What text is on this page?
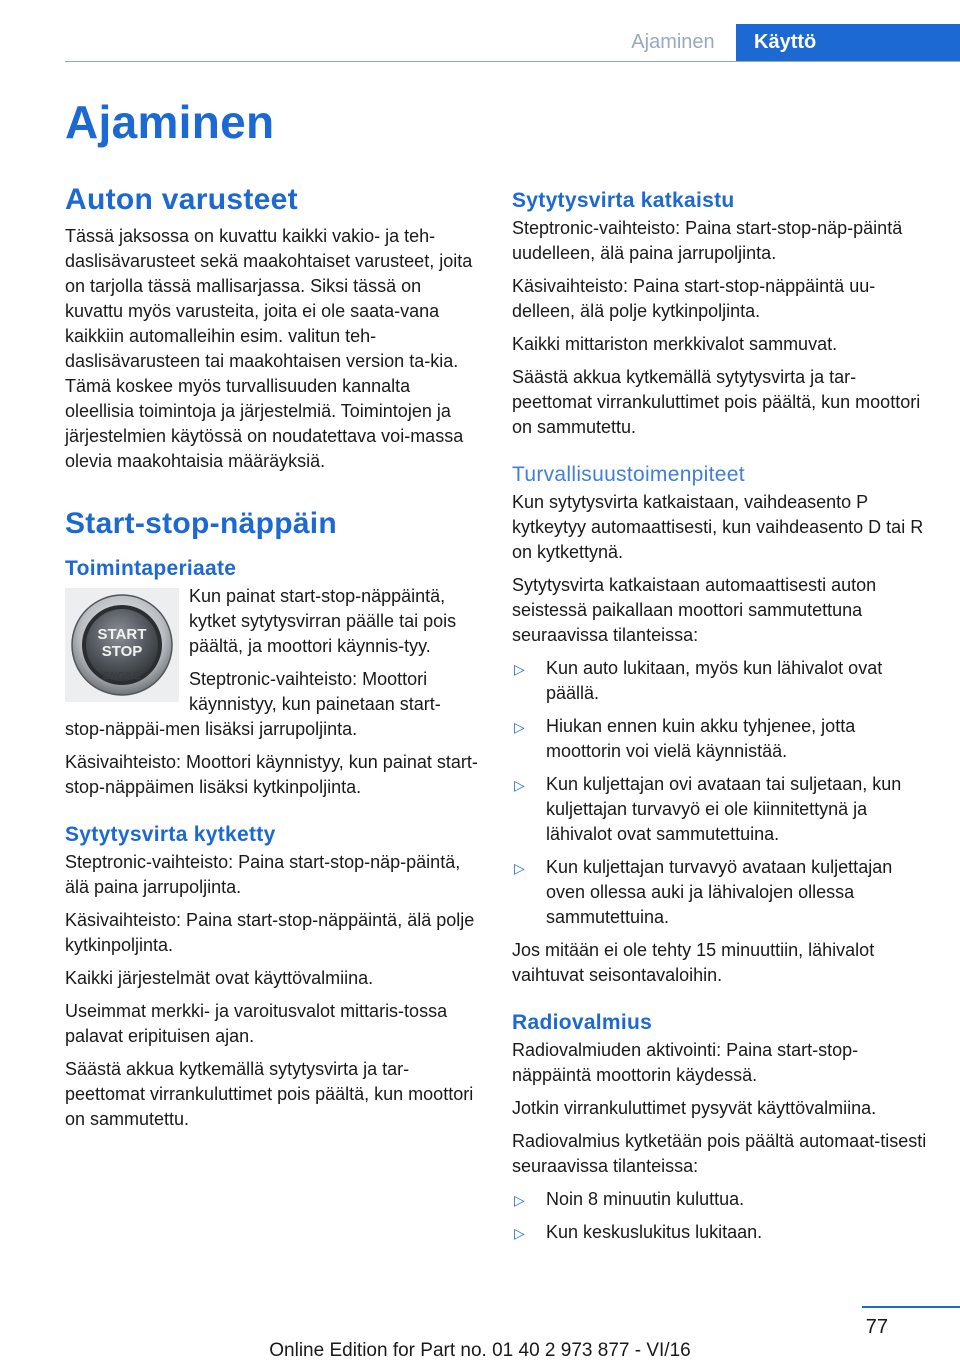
Ajaminen	Käyttö
Ajaminen
Auton varusteet

Tässä jaksossa on kuvattu kaikki vakio- ja teh-daslisävarusteet sekä maakohtaiset varusteet, joita on tarjolla tässä mallisarjassa. Siksi tässä on kuvattu myös varusteita, joita ei ole saata-vana kaikkiin automalleihin esim. valitun teh-daslisävarusteen tai maakohtaisen version ta-kia. Tämä koskee myös turvallisuuden kannalta oleellisia toimintoja ja järjestelmiä. Toimintojen ja järjestelmien käytössä on noudatettava voi-massa olevia maakohtaisia määräyksiä.

Start-stop-näppäin
Toimintaperiaate
START
STOP
ENGINE

Kun painat start-stop-näppäintä, kytket sytytysvirran päälle tai pois päältä, ja moottori käynnis-tyy.

Steptronic-vaihteisto: Moottori käynnistyy, kun painetaan start-stop-näppäi-men lisäksi jarrupoljinta.

Käsivaihteisto: Moottori käynnistyy, kun painat start-stop-näppäimen lisäksi kytkinpoljinta.

Sytytysvirta kytketty

Steptronic-vaihteisto: Paina start-stop-näp-päintä, älä paina jarrupoljinta.

Käsivaihteisto: Paina start-stop-näppäintä, älä polje kytkinpoljinta.

Kaikki järjestelmät ovat käyttövalmiina.

Useimmat merkki- ja varoitusvalot mittaris-tossa palavat eripituisen ajan.

Säästä akkua kytkemällä sytytysvirta ja tar-peettomat virrankuluttimet pois päältä, kun moottori on sammutettu.

Sytytysvirta katkaistu

Steptronic-vaihteisto: Paina start-stop-näp-päintä uudelleen, älä paina jarrupoljinta.

Käsivaihteisto: Paina start-stop-näppäintä uu-delleen, älä polje kytkinpoljinta.

Kaikki mittariston merkkivalot sammuvat.

Säästä akkua kytkemällä sytytysvirta ja tar-peettomat virrankuluttimet pois päältä, kun moottori on sammutettu.

Turvallisuustoimenpiteet

Kun sytytysvirta katkaistaan, vaihdeasento P kytkeytyy automaattisesti, kun vaihdeasento D tai R on kytkettynä.

Sytytysvirta katkaistaan automaattisesti auton seistessä paikallaan moottori sammutettuna seuraavissa tilanteissa:

▷ Kun auto lukitaan, myös kun lähivalot ovat päällä.
▷ Hiukan ennen kuin akku tyhjenee, jotta moottorin voi vielä käynnistää.
▷ Kun kuljettajan ovi avataan tai suljetaan, kun kuljettajan turvavyö ei ole kiinnitettynä ja lähivalot ovat sammutettuina.
▷ Kun kuljettajan turvavyö avataan kuljettajan oven ollessa auki ja lähivalojen ollessa sammutettuina.

Jos mitään ei ole tehty 15 minuuttiin, lähivalot vaihtuvat seisontavaloihin.

Radiovalmius

Radiovalmiuden aktivointi: Paina start-stop-näppäintä moottorin käydessä.

Jotkin virrankuluttimet pysyvät käyttövalmiina.

Radiovalmius kytketään pois päältä automaat-tisesti seuraavissa tilanteissa:

▷ Noin 8 minuutin kuluttua.
▷ Kun keskuslukitus lukitaan.
77
Online Edition for Part no. 01 40 2 973 877 - VI/16
